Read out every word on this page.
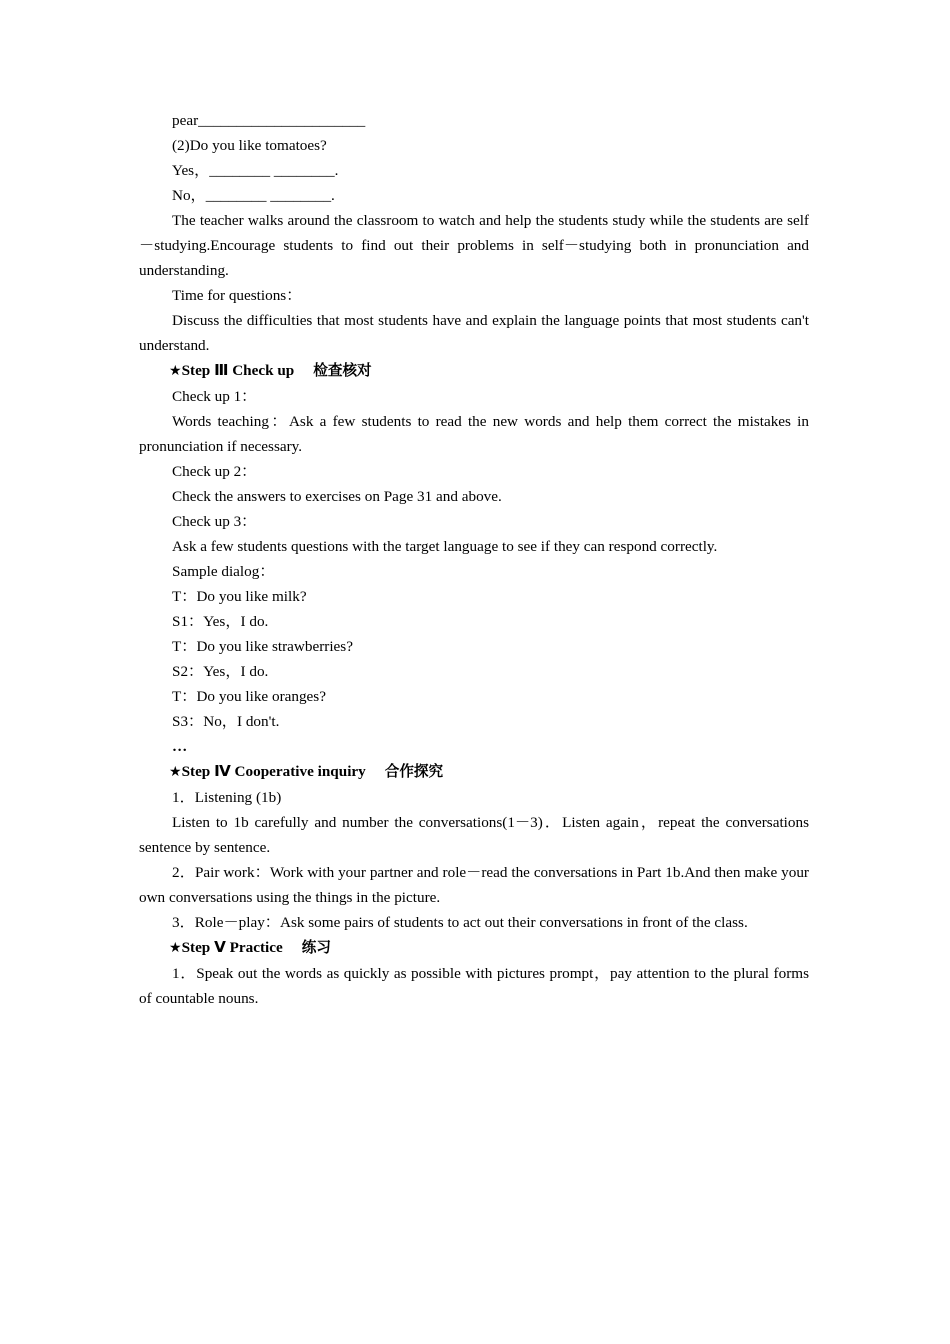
pear______________________

(2)Do you like tomatoes?

Yes，________ ________.

No，________ ________.

The teacher walks around the classroom to watch and help the students study while the students are self－studying.Encourage students to find out their problems in self－studying both in pronunciation and understanding.

Time for questions：

Discuss the difficulties that most students have and explain the language points that most students can't understand.

★Step Ⅲ Check up  检查核对

Check up 1：

Words teaching：Ask a few students to read the new words and help them correct the mistakes in pronunciation if necessary.

Check up 2：

Check the answers to exercises on Page 31 and above.

Check up 3：

Ask a few students questions with the target language to see if they can respond correctly.

Sample dialog：

T：Do you like milk?

S1：Yes，I do.

T：Do you like strawberries?

S2：Yes，I do.

T：Do you like oranges?

S3：No，I don't.

…

★Step Ⅳ Cooperative inquiry  合作探究

1．Listening (1b)

Listen to 1b carefully and number the conversations(1－3)．Listen again，repeat the conversations sentence by sentence.

2．Pair work：Work with your partner and role－read the conversations in Part 1b.And then make your own conversations using the things in the picture.

3．Role－play：Ask some pairs of students to act out their conversations in front of the class.

★Step Ⅴ Practice  练习

1．Speak out the words as quickly as possible with pictures prompt，pay attention to the plural forms of countable nouns.
